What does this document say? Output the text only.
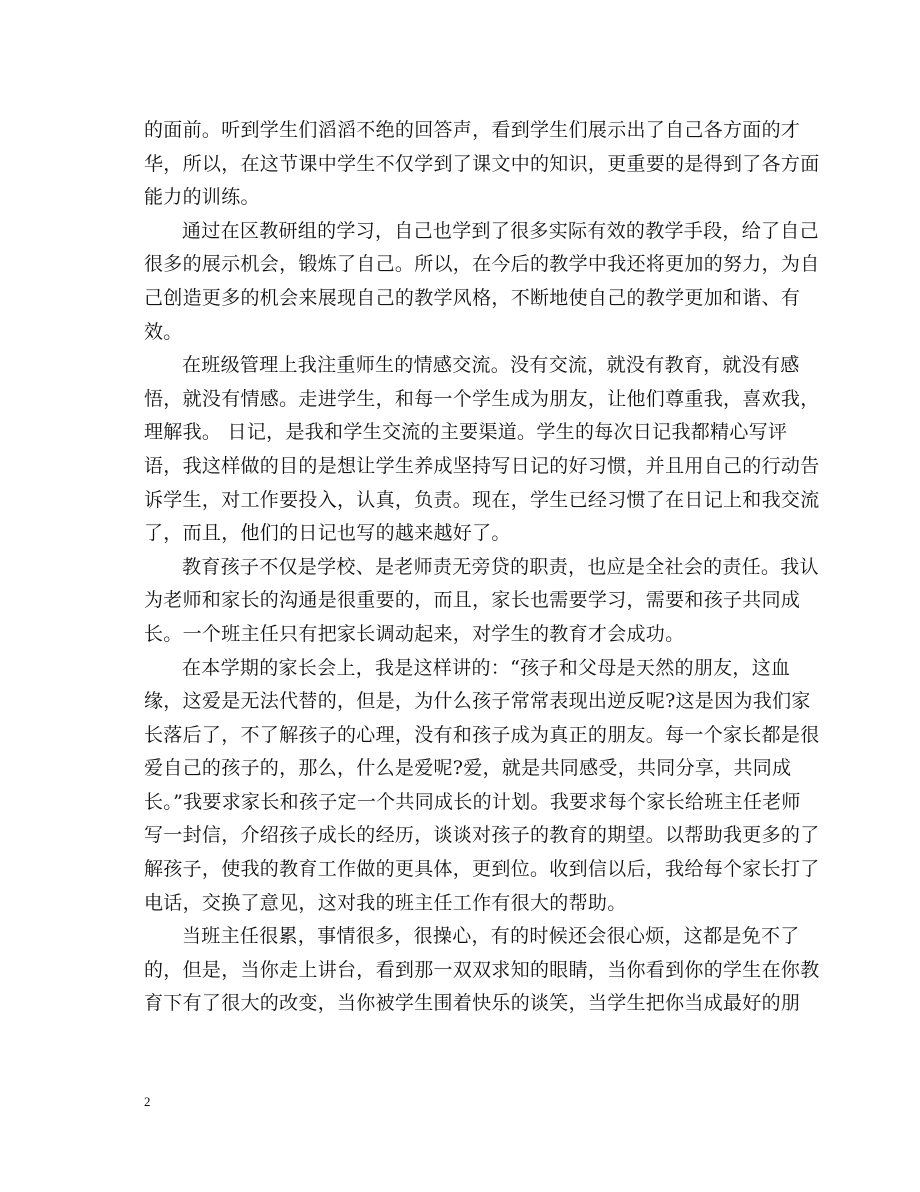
的面前。听到学生们滔滔不绝的回答声，看到学生们展示出了自己各方面的才
华，所以，在这节课中学生不仅学到了课文中的知识，更重要的是得到了各方面
能力的训练。
通过在区教研组的学习，自己也学到了很多实际有效的教学手段，给了自己
很多的展示机会，锻炼了自己。所以，在今后的教学中我还将更加的努力，为自
己创造更多的机会来展现自己的教学风格，不断地使自己的教学更加和谐、有
效。
在班级管理上我注重师生的情感交流。没有交流，就没有教育，就没有感
悟，就没有情感。走进学生，和每一个学生成为朋友，让他们尊重我，喜欢我，
理解我。 日记，是我和学生交流的主要渠道。学生的每次日记我都精心写评
语，我这样做的目的是想让学生养成坚持写日记的好习惯，并且用自己的行动告
诉学生，对工作要投入，认真，负责。现在，学生已经习惯了在日记上和我交流
了，而且，他们的日记也写的越来越好了。
教育孩子不仅是学校、是老师责无旁贷的职责，也应是全社会的责任。我认
为老师和家长的沟通是很重要的，而且，家长也需要学习，需要和孩子共同成
长。一个班主任只有把家长调动起来，对学生的教育才会成功。
在本学期的家长会上，我是这样讲的：“孩子和父母是天然的朋友，这血
缘，这爱是无法代替的，但是，为什么孩子常常表现出逆反呢?这是因为我们家
长落后了，不了解孩子的心理，没有和孩子成为真正的朋友。每一个家长都是很
爱自己的孩子的，那么，什么是爱呢?爱，就是共同感受，共同分享，共同成
长。”我要求家长和孩子定一个共同成长的计划。我要求每个家长给班主任老师
写一封信，介绍孩子成长的经历，谈谈对孩子的教育的期望。以帮助我更多的了
解孩子，使我的教育工作做的更具体，更到位。收到信以后，我给每个家长打了
电话，交换了意见，这对我的班主任工作有很大的帮助。
当班主任很累，事情很多，很操心，有的时候还会很心烦，这都是免不了
的，但是，当你走上讲台，看到那一双双求知的眼睛，当你看到你的学生在你教
育下有了很大的改变，当你被学生围着快乐的谈笑，当学生把你当成最好的朋
2
